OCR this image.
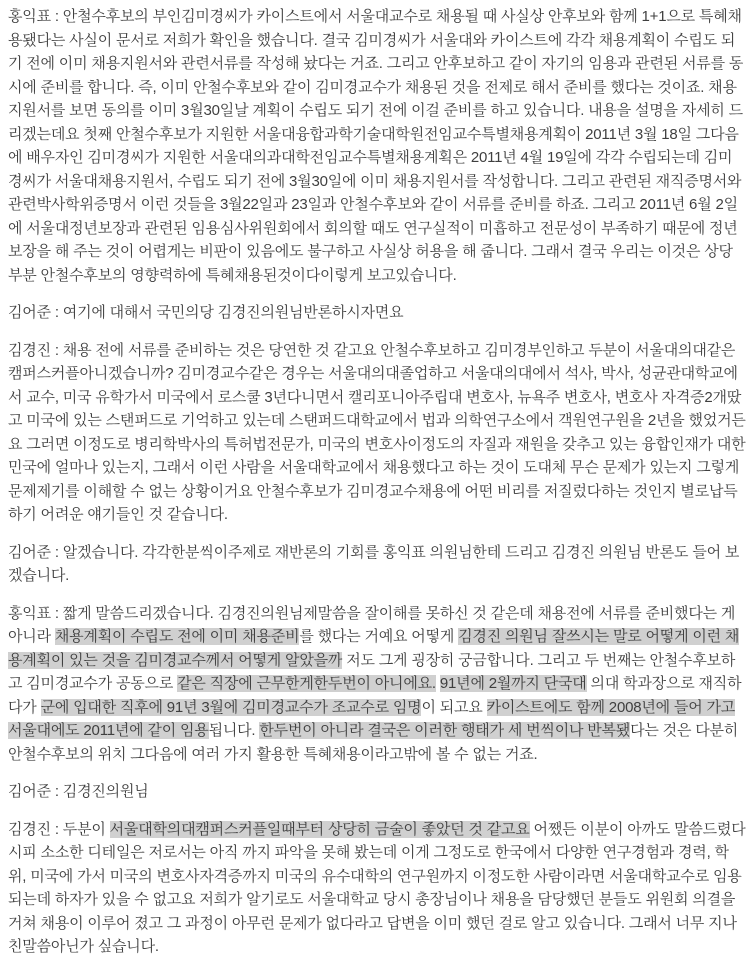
홍익표 : 안철수후보의 부인김미경씨가 카이스트에서 서울대교수로 채용될 때 사실상 안후보와 함께 1+1으로 특혜채용됐다는 사실이 문서로 저희가 확인을 했습니다. 결국 김미경씨가 서울대와 카이스트에 각각 채용계획이 수립도 되기 전에 이미 채용지원서와 관련서류를 작성해 놨다는 거죠. 그리고 안후보하고 같이 자기의 임용과 관련된 서류를 동시에 준비를 합니다. 즉, 이미 안철수후보와 같이 김미경교수가 채용된 것을 전제로 해서 준비를 했다는 것이죠. 채용지원서를 보면 동의를 이미 3월30일날 계획이 수립도 되기 전에 이걸 준비를 하고 있습니다. 내용을 설명을 자세히 드리겠는데요 첫째 안철수후보가 지원한 서울대융합과학기술대학원전임교수특별채용계획이 2011년 3월 18일 그다음에 배우자인 김미경씨가 지원한 서울대의과대학전임교수특별채용계획은 2011년 4월 19일에 각각 수립되는데 김미경씨가 서울대채용지원서, 수립도 되기 전에 3월30일에 이미 채용지원서를 작성합니다. 그리고 관련된 재직증명서와 관련박사학위증명서 이런 것들을 3월22일과 23일과 안철수후보와 같이 서류를 준비를 하죠. 그리고 2011년 6월 2일에 서울대정년보장과 관련된 임용심사위원회에서 회의할 때도 연구실적이 미흡하고 전문성이 부족하기 때문에 정년보장을 해 주는 것이 어렵게는 비판이 있음에도 불구하고 사실상 허용을 해 줍니다. 그래서 결국 우리는 이것은 상당부분 안철수후보의 영향력하에 특혜채용된것이다이렇게 보고있습니다.

김어준 : 여기에 대해서 국민의당 김경진의원님반론하시자면요

김경진 : 채용 전에 서류를 준비하는 것은 당연한 것 같고요 안철수후보하고 김미경부인하고 두분이 서울대의대같은 캠퍼스커플아니겠습니까? 김미경교수같은 경우는 서울대의대졸업하고 서울대의대에서 석사, 박사, 성균관대학교에서 교수, 미국 유학가서 미국에서 로스쿨 3년다니면서 캘리포니아주립대 변호사, 뉴욕주 변호사, 변호사 자격증2개땄고 미국에 있는 스탠퍼드로 기억하고 있는데 스탠퍼드대학교에서 법과 의학연구소에서 객원연구원을 2년을 했었거든요 그러면 이정도로 병리학박사의 특허법전문가, 미국의 변호사이정도의 자질과 재원을 갖추고 있는 융합인재가 대한민국에 얼마나 있는지, 그래서 이런 사람을 서울대학교에서 채용했다고 하는 것이 도대체 무슨 문제가 있는지 그렇게 문제제기를 이해할 수 없는 상황이거요 안철수후보가 김미경교수채용에 어떤 비리를 저질렀다하는 것인지 별로납득하기 어려운 얘기들인 것 같습니다.

김어준 : 알겠습니다. 각각한분씩이주제로 재반론의 기회를 홍익표 의원님한테 드리고 김경진 의원님 반론도 들어 보겠습니다.

홍익표 : 짧게 말씀드리겠습니다. 김경진의원님제말씀을 잘이해를 못하신 것 같은데 채용전에 서류를 준비했다는 게아니라 채용계획이 수립도 전에 이미 채용준비를 했다는 거예요 어떻게 김경진 의원님 잘쓰시는 말로 어떻게 이런 채용계획이 있는 것을 김미경교수께서 어떻게 알았을까 저도 그게 굉장히 궁금합니다. 그리고 두 번째는 안철수후보하고 김미경교수가 공동으로 같은 직장에 근무한게한두번이 아니에요. 91년에 2월까지 단국대 의대 학과장으로 재직하다가 군에 입대한 직후에 91년 3월에 김미경교수가 조교수로 임명이 되고요 카이스트에도 함께 2008년에 들어 가고 서울대에도 2011년에 같이 임용됩니다. 한두번이 아니라 결국은 이러한 행태가 세 번씩이나 반복됐다는 것은 다분히 안철수후보의 위치 그다음에 여러 가지 활용한 특혜채용이라고밖에 볼 수 없는 거죠.

김어준 : 김경진의원님

김경진 : 두분이 서울대학의대캠퍼스커플일때부터 상당히 금술이 좋았던 것 같고요 어쨌든 이분이 아까도 말씀드렸다시피 소소한 디테일은 저로서는 아직 까지 파악을 못해 봤는데 이게 그정도로 한국에서 다양한 연구경험과 경력, 학위, 미국에 가서 미국의 변호사자격증까지 미국의 유수대학의 연구원까지 이정도한 사람이라면 서울대학교수로 임용되는데 하자가 있을 수 없고요 저희가 알기로도 서울대학교 당시 총장님이나 채용을 담당했던 분들도 위원회 의결을 거쳐 채용이 이루어 졌고 그 과정이 아무런 문제가 없다라고 답변을 이미 했던 걸로 알고 있습니다. 그래서 너무 지나 친말씀아닌가 싶습니다.
